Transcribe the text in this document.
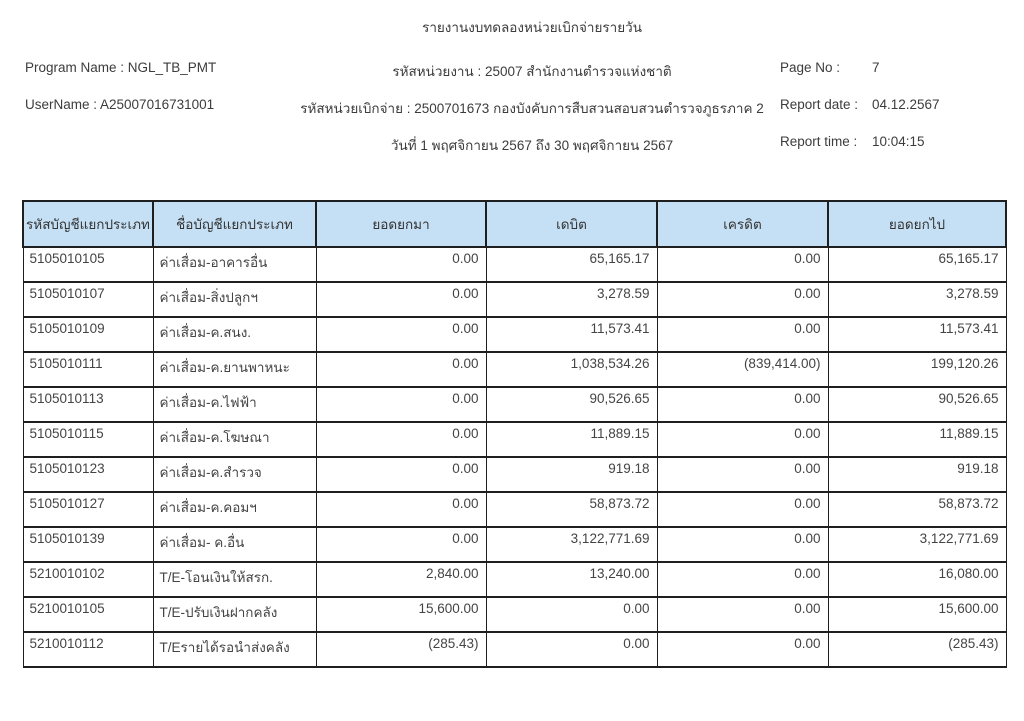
รายงานงบทดลองหน่วยเบิกจ่ายรายวัน
Program Name : NGL_TB_PMT	รหัสหน่วยงาน : 25007 สำนักงานตำรวจแห่งชาติ	Page No : 7
UserName : A25007016731001	รหัสหน่วยเบิกจ่าย : 2500701673 กองบังคับการสืบสวนสอบสวนตำรวจภูธรภาค 2	Report date : 04.12.2567
วันที่ 1 พฤศจิกายน 2567 ถึง 30 พฤศจิกายน 2567	Report time : 10:04:15
รหัสบัญชีแยกประเภท	ชื่อบัญชีแยกประเภท	ยอดยกมา	เดบิต	เครดิต	ยอดยกไป
5105010105	ค่าเสื่อม-อาคารอื่น	0.00	65,165.17	0.00	65,165.17
5105010107	ค่าเสื่อม-สิ่งปลูกฯ	0.00	3,278.59	0.00	3,278.59
5105010109	ค่าเสื่อม-ค.สนง.	0.00	11,573.41	0.00	11,573.41
5105010111	ค่าเสื่อม-ค.ยานพาหนะ	0.00	1,038,534.26	(839,414.00)	199,120.26
5105010113	ค่าเสื่อม-ค.ไฟฟ้า	0.00	90,526.65	0.00	90,526.65
5105010115	ค่าเสื่อม-ค.โฆษณา	0.00	11,889.15	0.00	11,889.15
5105010123	ค่าเสื่อม-ค.สำรวจ	0.00	919.18	0.00	919.18
5105010127	ค่าเสื่อม-ค.คอมฯ	0.00	58,873.72	0.00	58,873.72
5105010139	ค่าเสื่อม- ค.อื่น	0.00	3,122,771.69	0.00	3,122,771.69
5210010102	T/E-โอนเงินให้สรก.	2,840.00	13,240.00	0.00	16,080.00
5210010105	T/E-ปรับเงินฝากคลัง	15,600.00	0.00	0.00	15,600.00
5210010112	T/Eรายได้รอนำส่งคลัง	(285.43)	0.00	0.00	(285.43)
